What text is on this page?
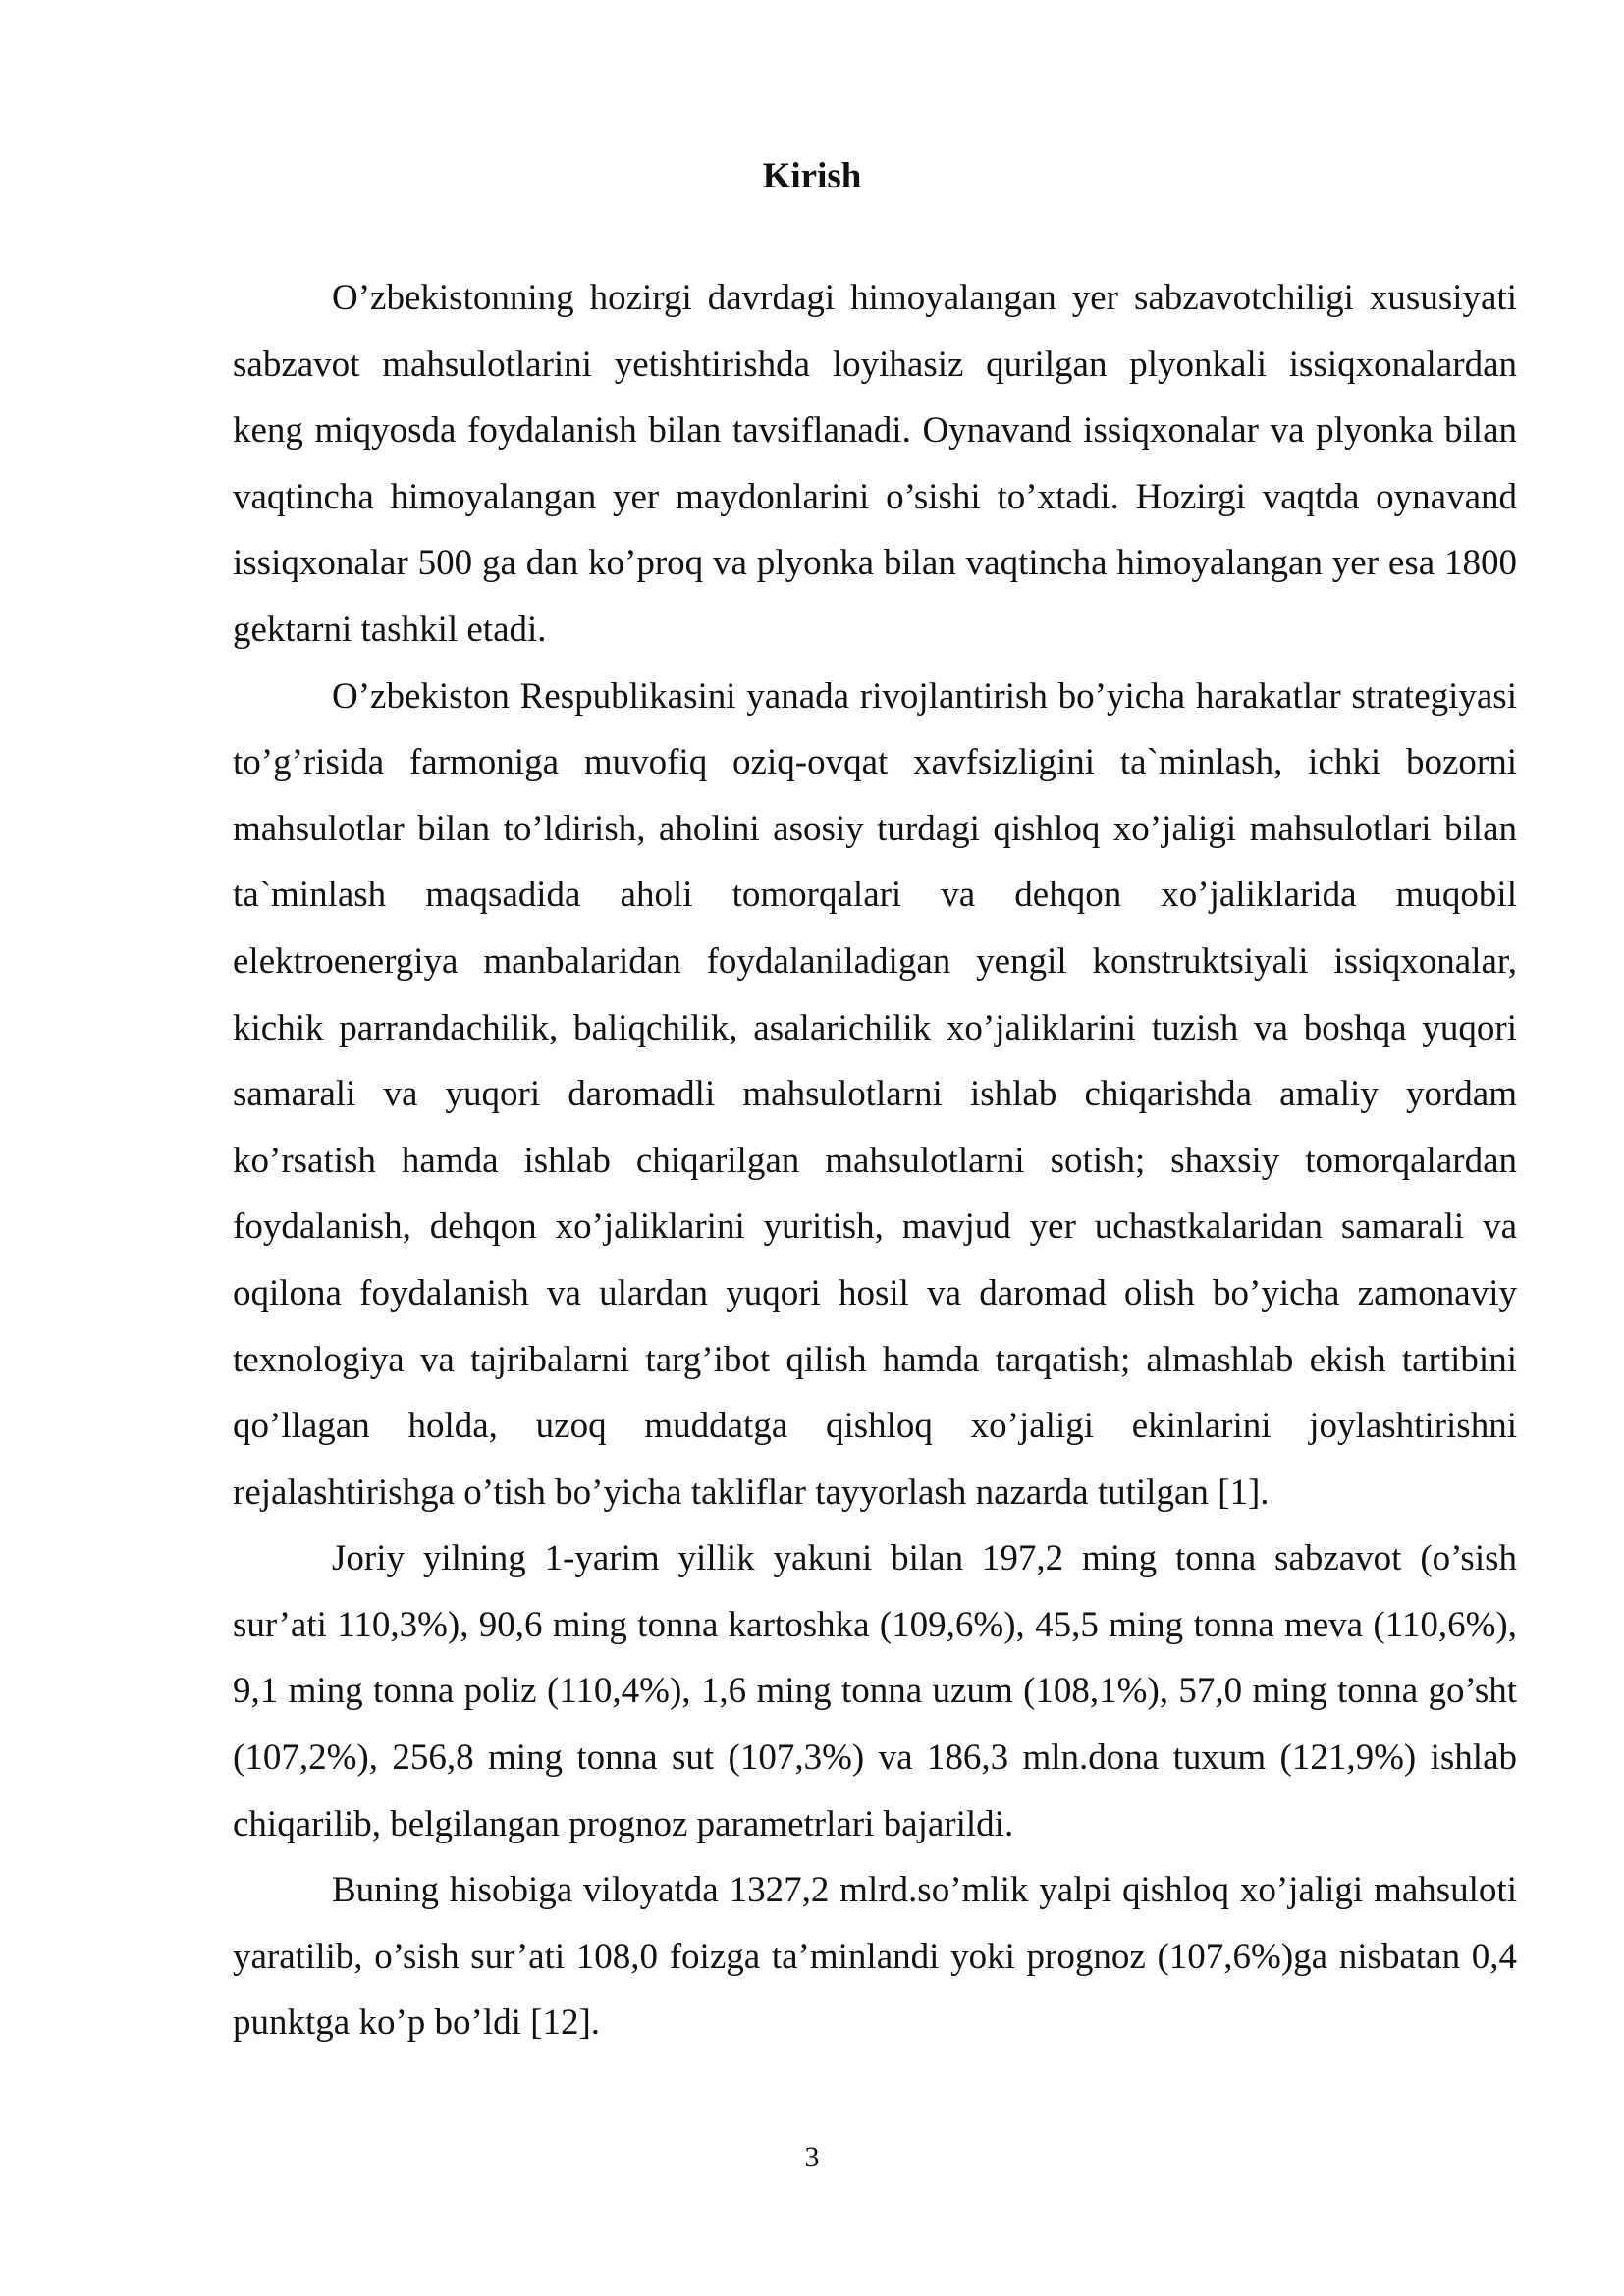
Kirish

O’zbekistonning hozirgi davrdagi himoyalangan yer sabzavotchiligi xususiyati sabzavot mahsulotlarini yetishtirishda loyihasiz qurilgan plyonkali issiqxonalardan keng miqyosda foydalanish bilan tavsiflanadi. Oynavand issiqxonalar va plyonka bilan vaqtincha himoyalangan yer maydonlarini o’sishi to’xtadi. Hozirgi vaqtda oynavand issiqxonalar 500 ga dan ko’proq va plyonka bilan vaqtincha himoyalangan yer esa 1800 gektarni tashkil etadi.

O’zbekiston Respublikasini yanada rivojlantirish bo’yicha harakatlar strategiyasi to’g’risida farmoniga muvofiq oziq-ovqat xavfsizligini ta`minlash, ichki bozorni mahsulotlar bilan to’ldirish, aholini asosiy turdagi qishloq xo’jaligi mahsulotlari bilan ta`minlash maqsadida aholi tomorqalari va dehqon xo’jaliklarida muqobil elektroenergiya manbalaridan foydalaniladigan yengil konstruktsiyali issiqxonalar, kichik parrandachilik, baliqchilik, asalarichilik xo’jaliklarini tuzish va boshqa yuqori samarali va yuqori daromadli mahsulotlarni ishlab chiqarishda amaliy yordam ko’rsatish hamda ishlab chiqarilgan mahsulotlarni sotish; shaxsiy tomorqalardan foydalanish, dehqon xo’jaliklarini yuritish, mavjud yer uchastkalaridan samarali va oqilona foydalanish va ulardan yuqori hosil va daromad olish bo’yicha zamonaviy texnologiya va tajribalarni targ’ibot qilish hamda tarqatish; almashlab ekish tartibini qo’llagan holda, uzoq muddatga qishloq xo’jaligi ekinlarini joylashtirishni rejalashtirishga o’tish bo’yicha takliflar tayyorlash nazarda tutilgan [1].

Joriy yilning 1-yarim yillik yakuni bilan 197,2 ming tonna sabzavot (o’sish sur’ati 110,3%), 90,6 ming tonna kartoshka (109,6%), 45,5 ming tonna meva (110,6%), 9,1 ming tonna poliz (110,4%), 1,6 ming tonna uzum (108,1%), 57,0 ming tonna go’sht (107,2%), 256,8 ming tonna sut (107,3%) va 186,3 mln.dona tuxum (121,9%) ishlab chiqarilib, belgilangan prognoz parametrlari bajarildi.

Buning hisobiga viloyatda 1327,2 mlrd.so’mlik yalpi qishloq xo’jaligi mahsuloti yaratilib, o’sish sur’ati 108,0 foizga ta’minlandi yoki prognoz (107,6%)ga nisbatan 0,4 punktga ko’p bo’ldi [12].

3
